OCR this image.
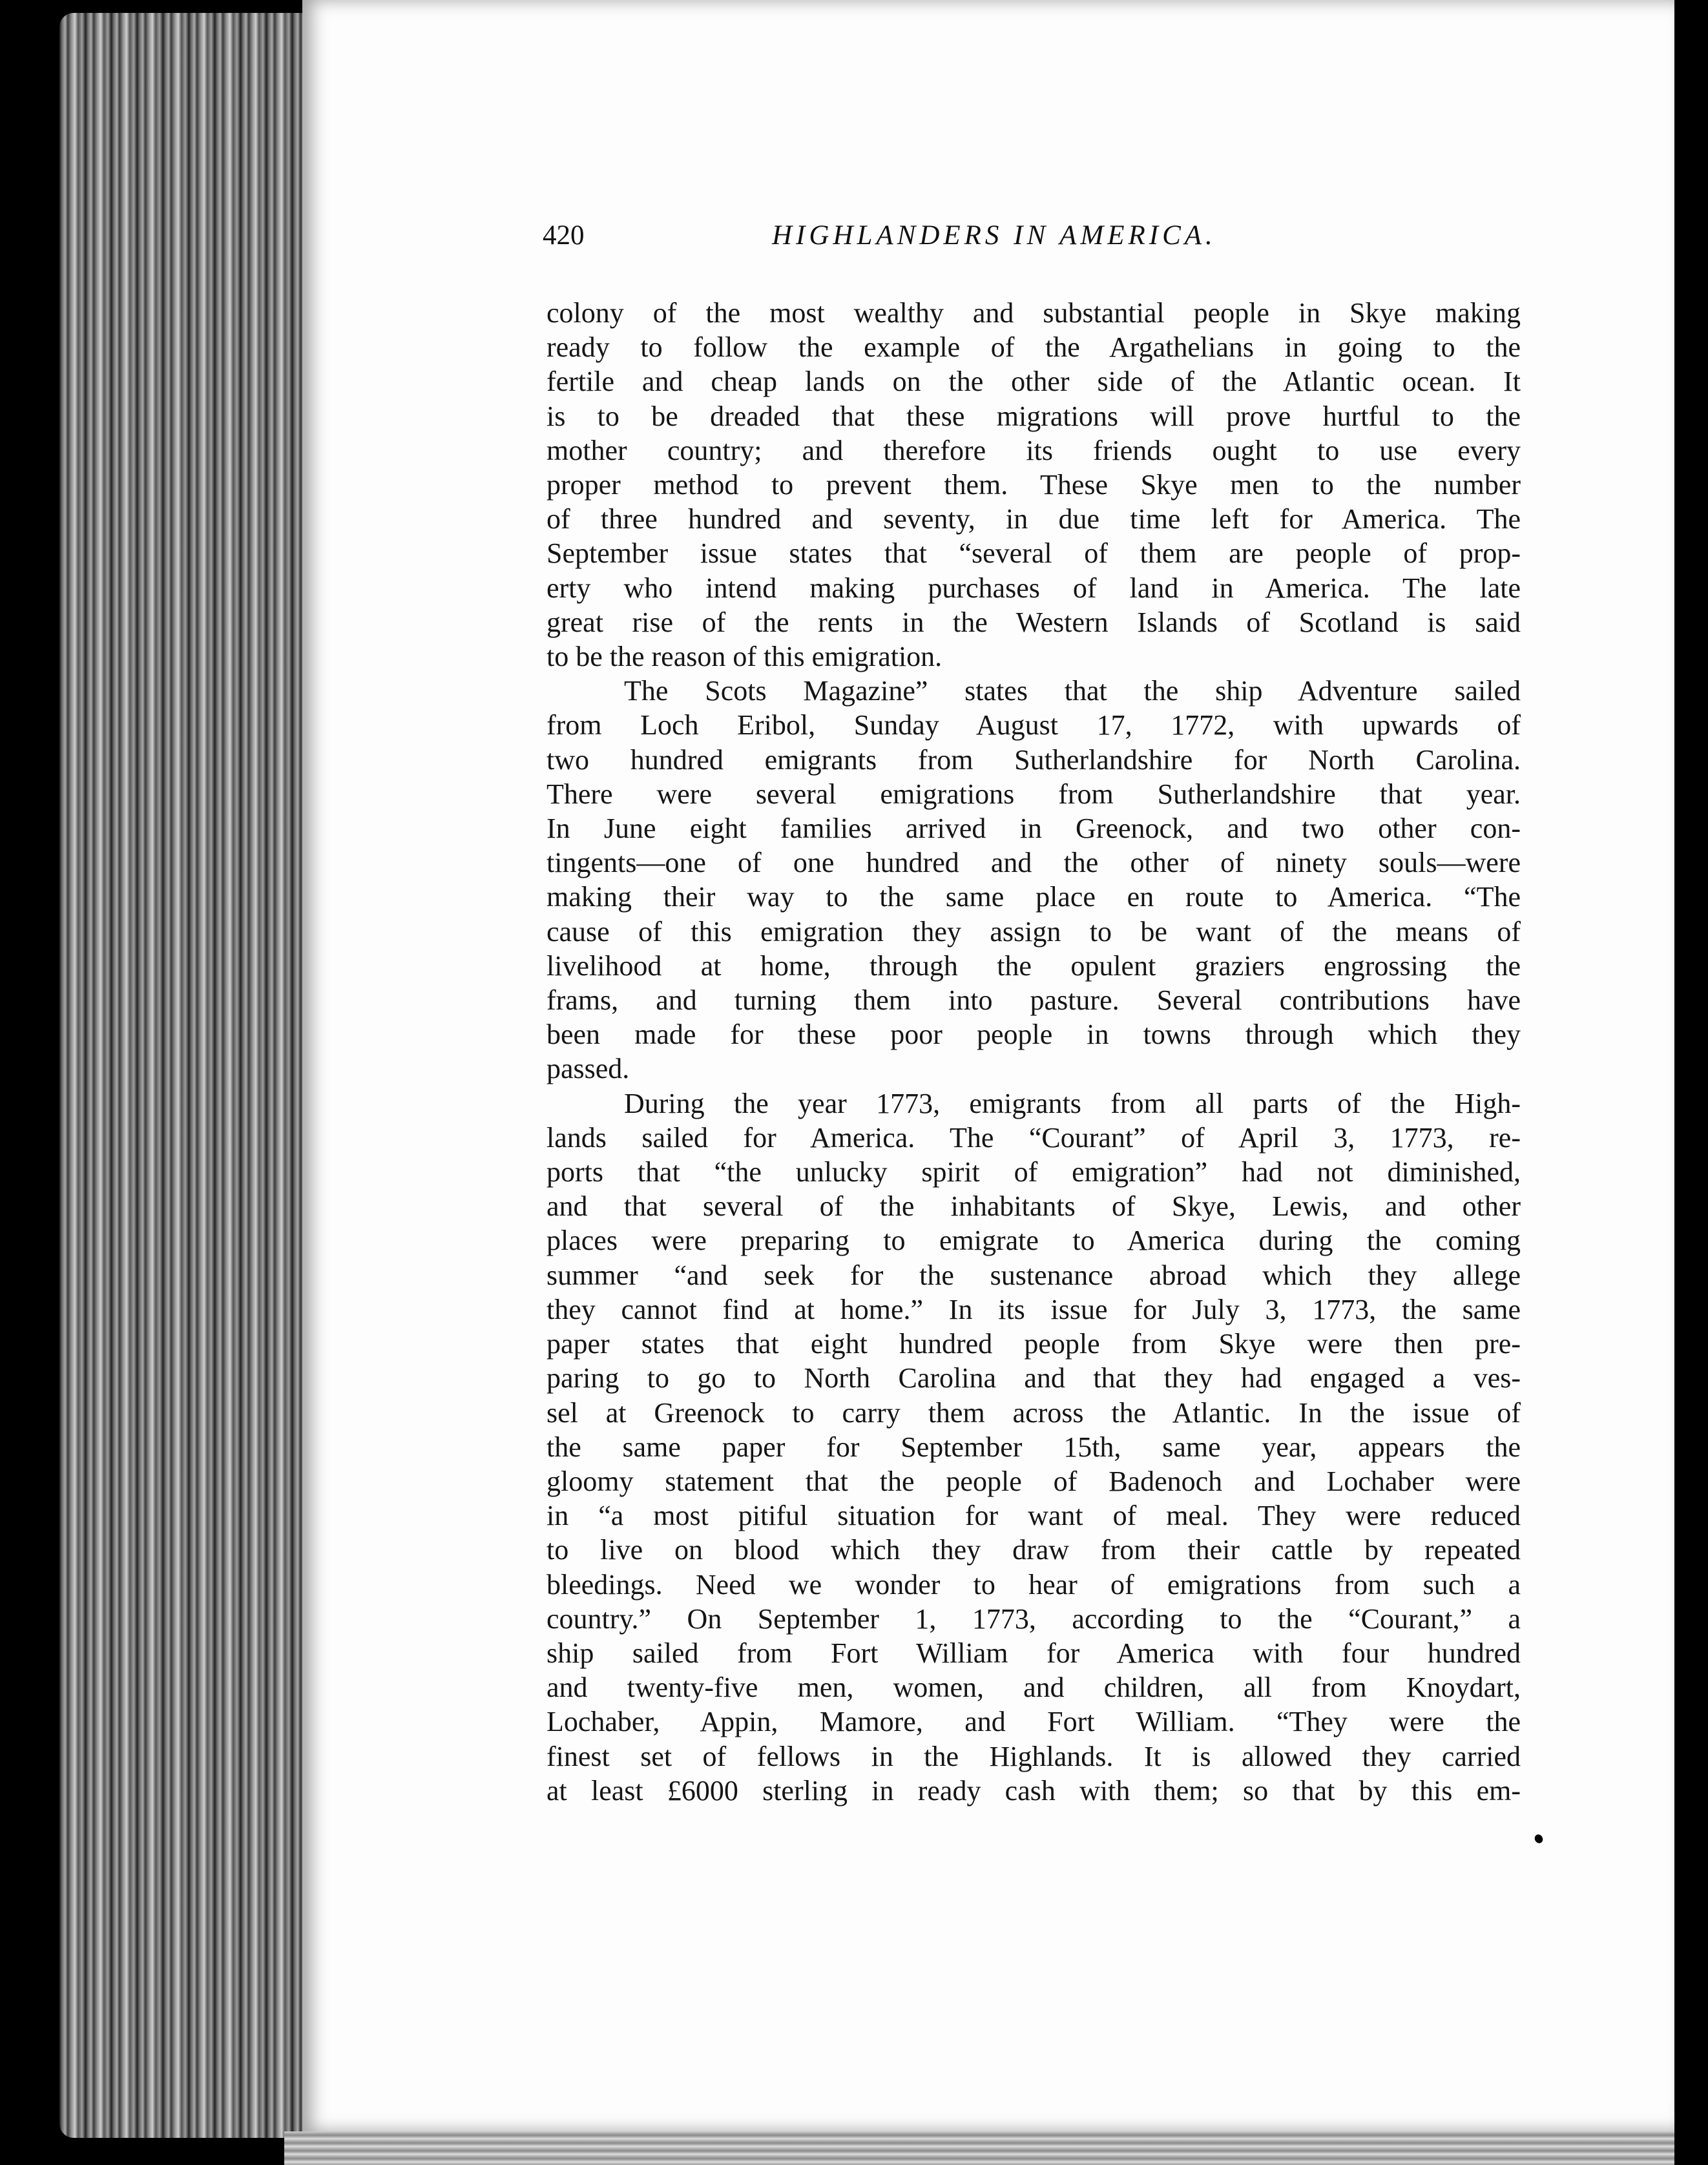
420	HIGHLANDERS IN AMERICA.
colony of the most wealthy and substantial people in Skye making
ready to follow the example of the Argathelians in going to the
fertile and cheap lands on the other side of the Atlantic ocean. It
is to be dreaded that these migrations will prove hurtful to the
mother country; and therefore its friends ought to use every
proper method to prevent them. These Skye men to the number
of three hundred and seventy, in due time left for America. The
September issue states that “several of them are people of prop-
erty who intend making purchases of land in America. The late
great rise of the rents in the Western Islands of Scotland is said
to be the reason of this emigration.
The Scots Magazine” states that the ship Adventure sailed
from Loch Eribol, Sunday August 17, 1772, with upwards of
two hundred emigrants from Sutherlandshire for North Carolina.
There were several emigrations from Sutherlandshire that year.
In June eight families arrived in Greenock, and two other con-
tingents—one of one hundred and the other of ninety souls—were
making their way to the same place en route to America. “The
cause of this emigration they assign to be want of the means of
livelihood at home, through the opulent graziers engrossing the
frams, and turning them into pasture. Several contributions have
been made for these poor people in towns through which they
passed.
During the year 1773, emigrants from all parts of the High-
lands sailed for America. The “Courant” of April 3, 1773, re-
ports that “the unlucky spirit of emigration” had not diminished,
and that several of the inhabitants of Skye, Lewis, and other
places were preparing to emigrate to America during the coming
summer “and seek for the sustenance abroad which they allege
they cannot find at home.” In its issue for July 3, 1773, the same
paper states that eight hundred people from Skye were then pre-
paring to go to North Carolina and that they had engaged a ves-
sel at Greenock to carry them across the Atlantic. In the issue of
the same paper for September 15th, same year, appears the
gloomy statement that the people of Badenoch and Lochaber were
in “a most pitiful situation for want of meal. They were reduced
to live on blood which they draw from their cattle by repeated
bleedings. Need we wonder to hear of emigrations from such a
country.” On September 1, 1773, according to the “Courant,” a
ship sailed from Fort William for America with four hundred
and twenty-five men, women, and children, all from Knoydart,
Lochaber, Appin, Mamore, and Fort William. “They were the
finest set of fellows in the Highlands. It is allowed they carried
at least £6000 sterling in ready cash with them; so that by this em-
